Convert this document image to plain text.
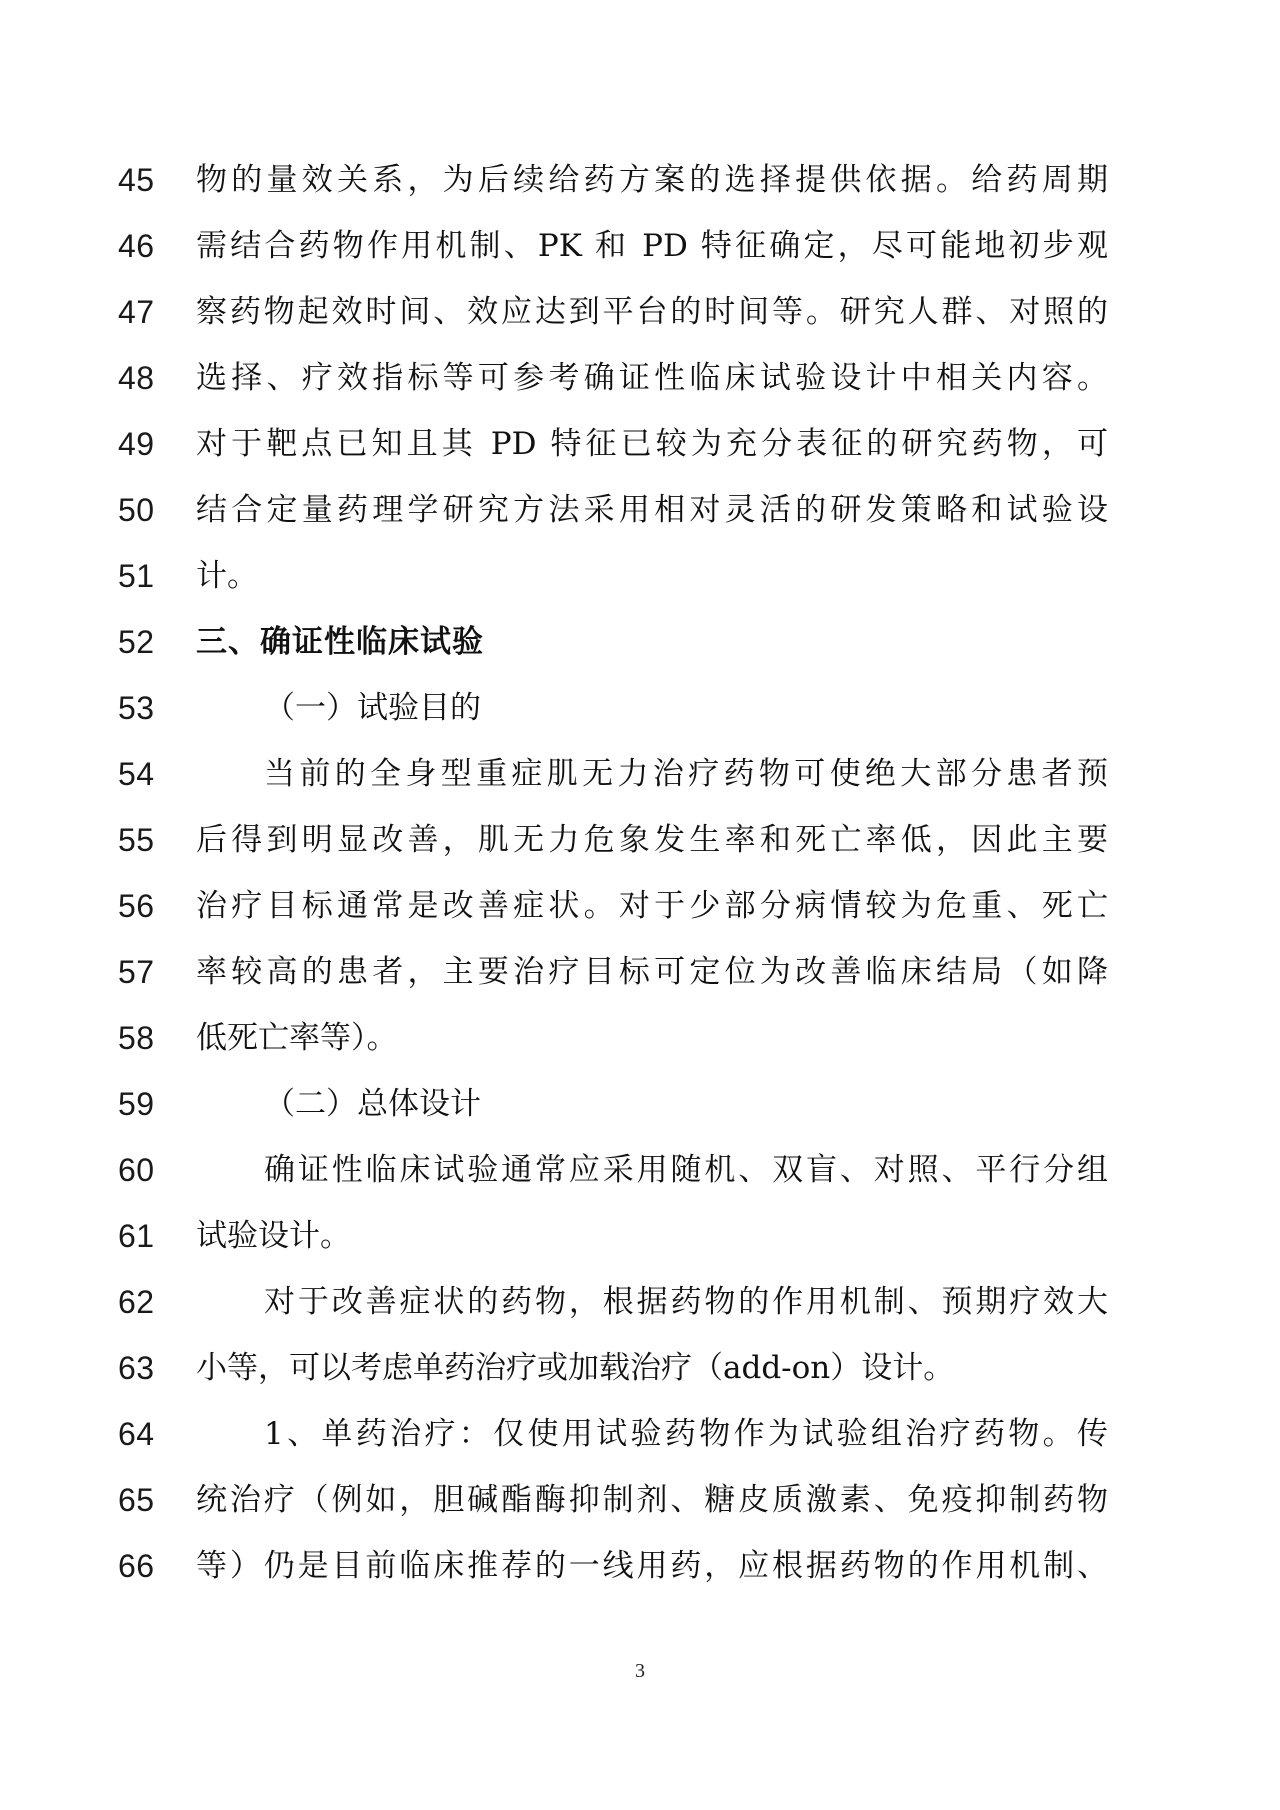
45	物的量效关系，为后续给药方案的选择提供依据。给药周期
46	需结合药物作用机制、PK 和 PD 特征确定，尽可能地初步观
47	察药物起效时间、效应达到平台的时间等。研究人群、对照的
48	选择、疗效指标等可参考确证性临床试验设计中相关内容。
49	对于靶点已知且其 PD 特征已较为充分表征的研究药物，可
50	结合定量药理学研究方法采用相对灵活的研发策略和试验设
51	计。
52	三、确证性临床试验
53	（一）试验目的
54	当前的全身型重症肌无力治疗药物可使绝大部分患者预
55	后得到明显改善，肌无力危象发生率和死亡率低，因此主要
56	治疗目标通常是改善症状。对于少部分病情较为危重、死亡
57	率较高的患者，主要治疗目标可定位为改善临床结局（如降
58	低死亡率等）。
59	（二）总体设计
60	确证性临床试验通常应采用随机、双盲、对照、平行分组
61	试验设计。
62	对于改善症状的药物，根据药物的作用机制、预期疗效大
63	小等，可以考虑单药治疗或加载治疗（add-on）设计。
64	1、单药治疗：仅使用试验药物作为试验组治疗药物。传
65	统治疗（例如，胆碱酯酶抑制剂、糖皮质激素、免疫抑制药物
66	等）仍是目前临床推荐的一线用药，应根据药物的作用机制、
3
